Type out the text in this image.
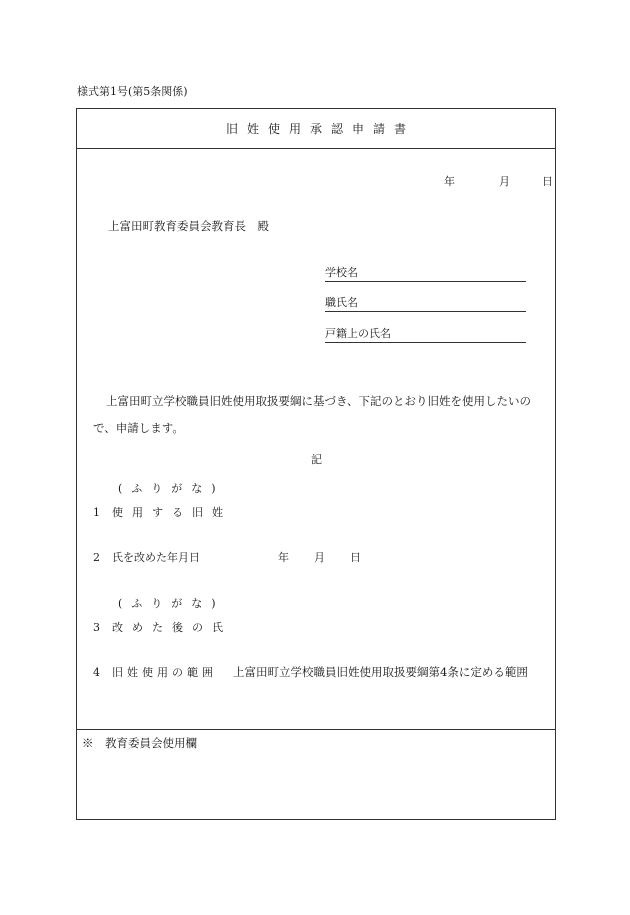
様式第1号(第5条関係)
旧姓使用承認申請書
年	月	日
上富田町教育委員会教育長　殿
学校名
職氏名
戸籍上の氏名
上富田町立学校職員旧姓使用取扱要綱に基づき、下記のとおり旧姓を使用したいので、申請します。
記
(ふりがな)
1 使用する旧姓
2 氏を改めた年月日	年 月 日
(ふりがな)
3 改めた後の氏
4 旧姓使用の範囲 上富田町立学校職員旧姓使用取扱要綱第4条に定める範囲
※　教育委員会使用欄
